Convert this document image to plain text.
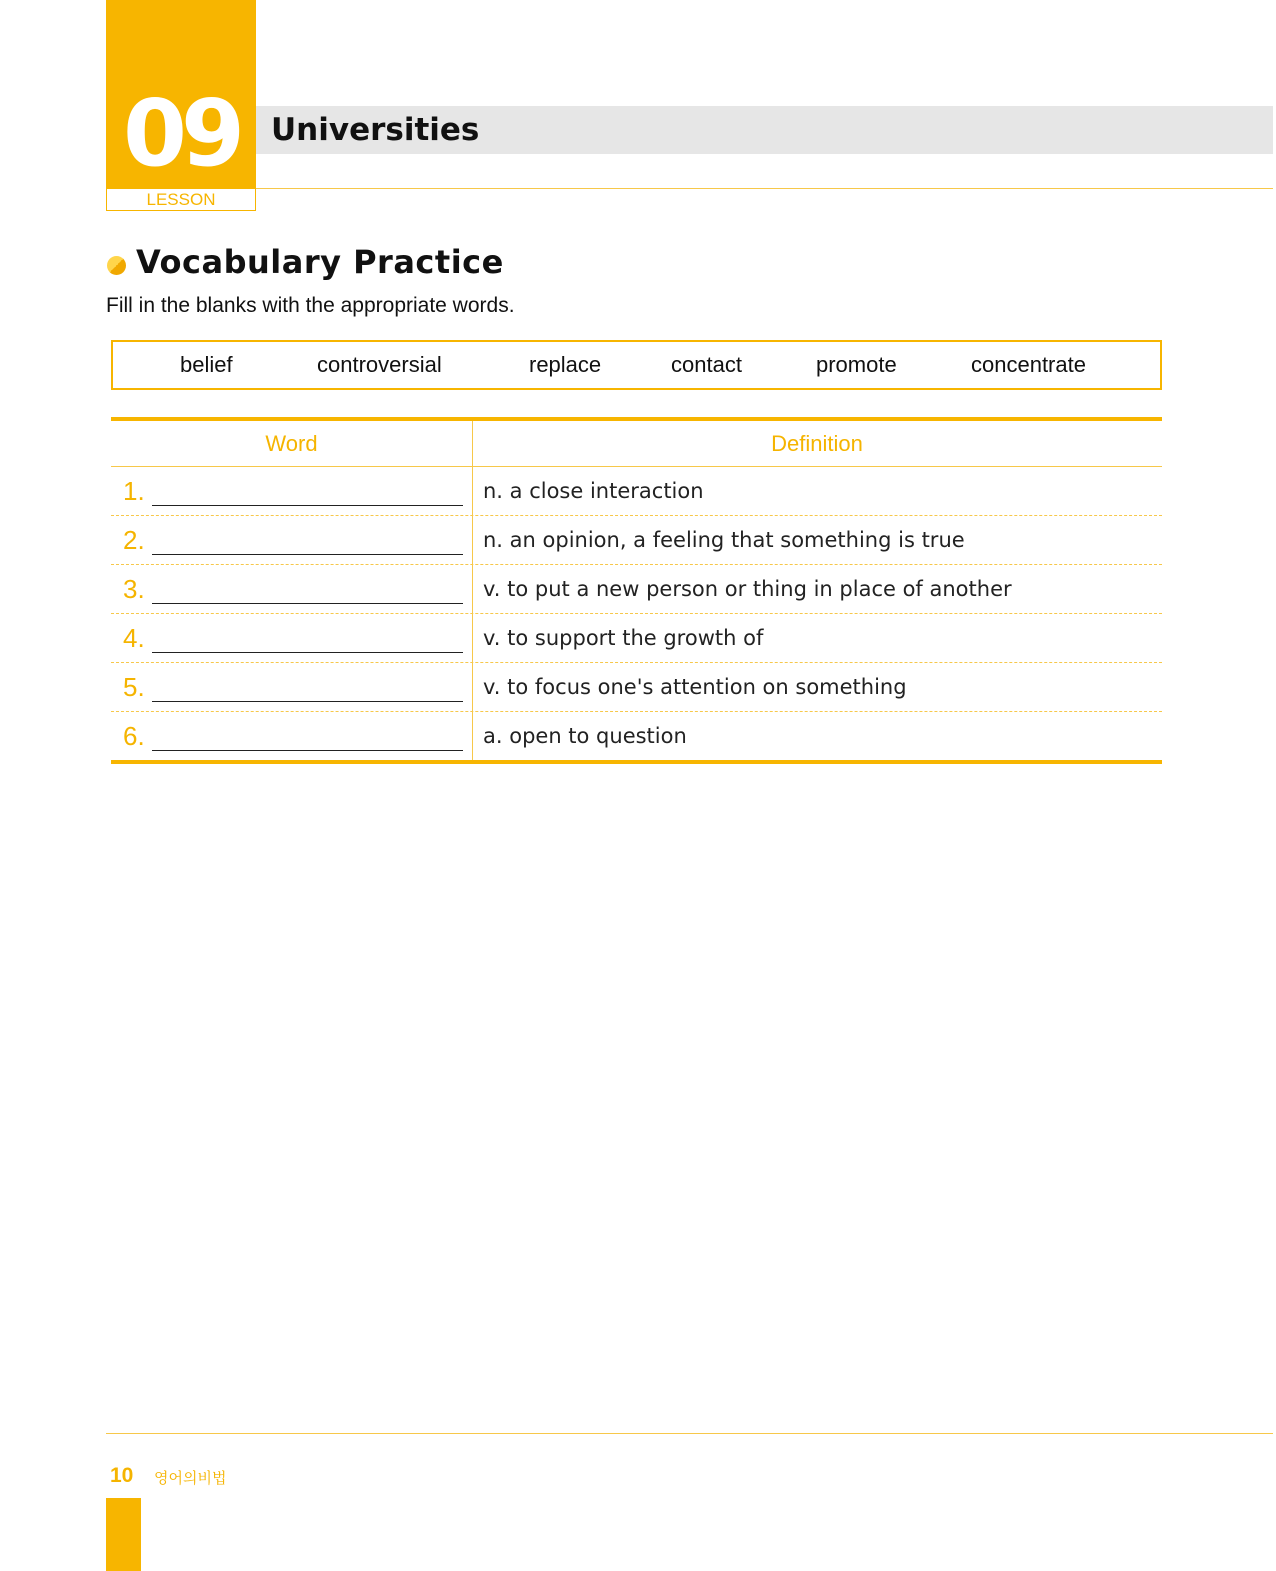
09
LESSON
Universities
Vocabulary Practice
Fill in the blanks with the appropriate words.
belief	controversial	replace	contact	promote	concentrate
Word	Definition
1.	n. a close interaction
2.	n. an opinion, a feeling that something is true
3.	v. to put a new person or thing in place of another
4.	v. to support the growth of
5.	v. to focus one's attention on something
6.	a. open to question
10 영어의비법
